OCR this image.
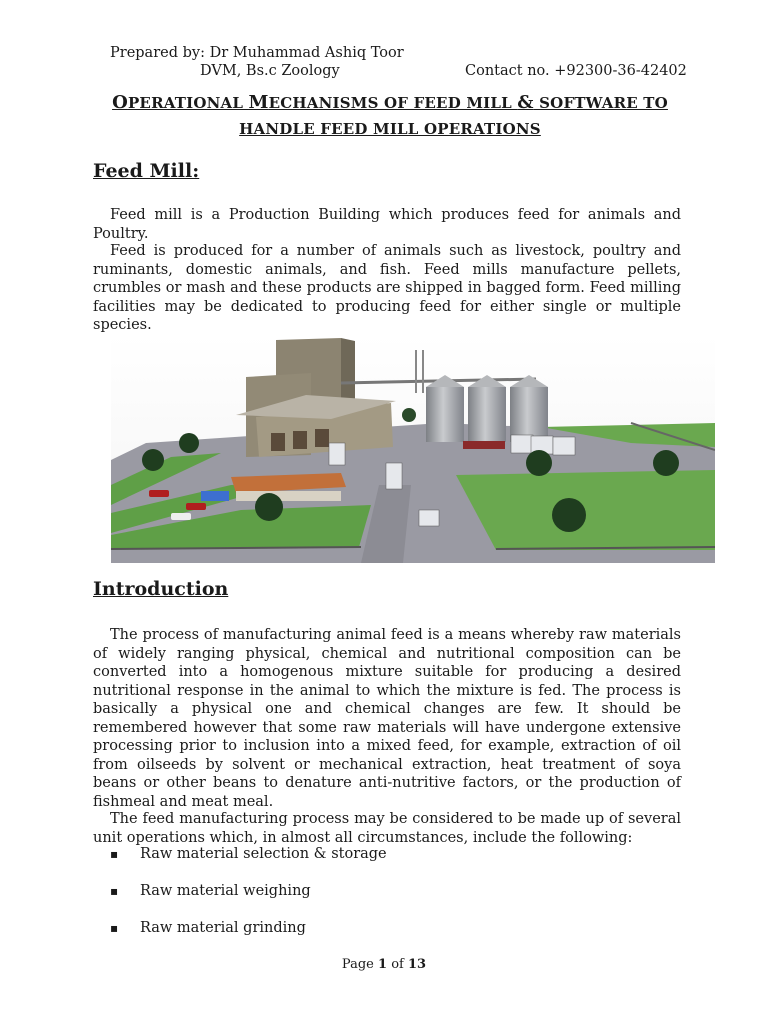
Prepared by: Dr Muhammad Ashiq Toor
DVM, Bs.c Zoology	Contact no. +92300-36-42402
OPERATIONAL MECHANISMS OF FEED MILL & SOFTWARE TO
HANDLE FEED MILL OPERATIONS
Feed Mill:
Feed mill is a Production Building which produces feed for animals and Poultry.
Feed is produced for a number of animals such as livestock, poultry and ruminants, domestic animals, and fish. Feed mills manufacture pellets, crumbles or mash and these products are shipped in bagged form. Feed milling facilities may be dedicated to producing feed for either single or multiple species.
Introduction
The process of manufacturing animal feed is a means whereby raw materials of widely ranging physical, chemical and nutritional composition can be converted into a homogenous mixture suitable for producing a desired nutritional response in the animal to which the mixture is fed. The process is basically a physical one and chemical changes are few. It should be remembered however that some raw materials will have undergone extensive processing prior to inclusion into a mixed feed, for example, extraction of oil from oilseeds by solvent or mechanical extraction, heat treatment of soya beans or other beans to denature anti-nutritive factors, or the production of fishmeal and meat meal.
The feed manufacturing process may be considered to be made up of several unit operations which, in almost all circumstances, include the following:
▪ Raw material selection & storage
▪ Raw material weighing
▪ Raw material grinding
Page 1 of 13
